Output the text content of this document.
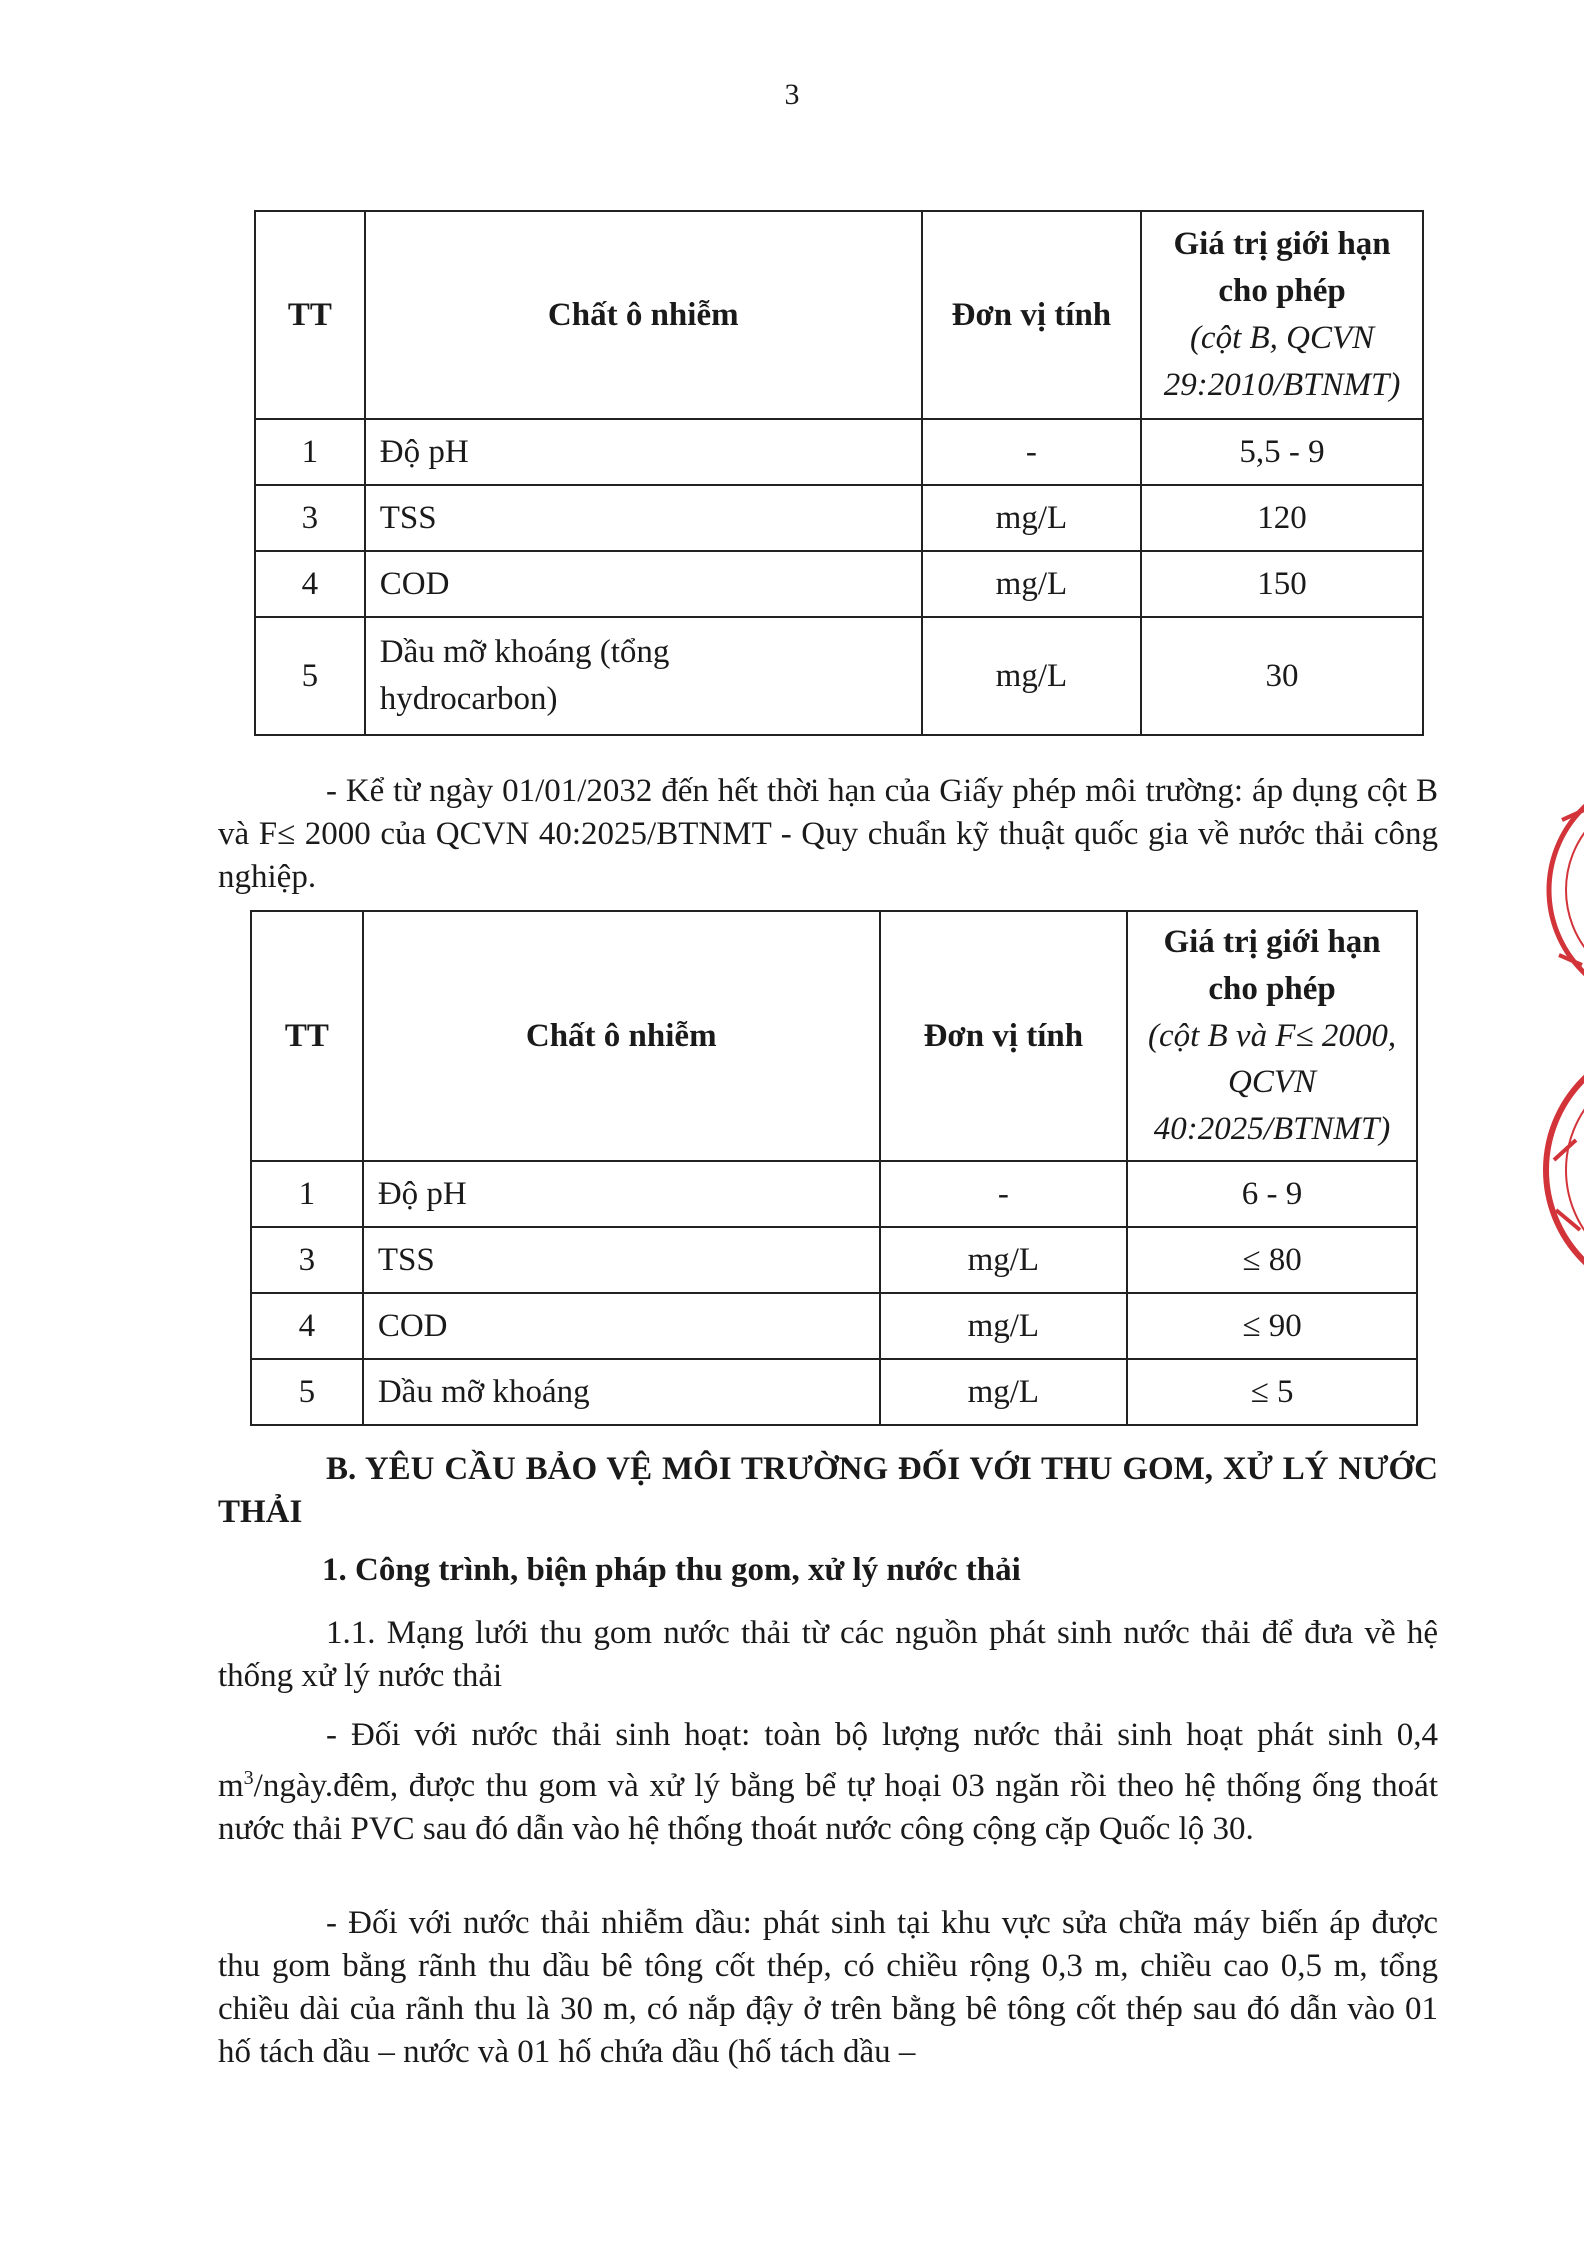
3
TT	Chất ô nhiễm	Đơn vị tính	Giá trị giới hạn cho phép
(cột B, QCVN 29:2010/BTNMT)

1	Độ pH	-	5,5 - 9
3	TSS	mg/L	120
4	COD	mg/L	150
5	Dầu mỡ khoáng (tổng hydrocarbon)	mg/L	30
- Kể từ ngày 01/01/2032 đến hết thời hạn của Giấy phép môi trường: áp dụng cột B và F≤ 2000 của QCVN 40:2025/BTNMT - Quy chuẩn kỹ thuật quốc gia về nước thải công nghiệp.
TT	Chất ô nhiễm	Đơn vị tính	Giá trị giới hạn cho phép
(cột B và F≤ 2000, QCVN 40:2025/BTNMT)

1	Độ pH	-	6 - 9
3	TSS	mg/L	≤ 80
4	COD	mg/L	≤ 90
5	Dầu mỡ khoáng	mg/L	≤ 5
B. YÊU CẦU BẢO VỆ MÔI TRƯỜNG ĐỐI VỚI THU GOM, XỬ LÝ NƯỚC THẢI
1. Công trình, biện pháp thu gom, xử lý nước thải
1.1. Mạng lưới thu gom nước thải từ các nguồn phát sinh nước thải để đưa về hệ thống xử lý nước thải
- Đối với nước thải sinh hoạt: toàn bộ lượng nước thải sinh hoạt phát sinh 0,4 $m^3/ngày.đêm$, được thu gom và xử lý bằng bể tự hoại 03 ngăn rồi theo hệ thống ống thoát nước thải PVC sau đó dẫn vào hệ thống thoát nước công cộng cặp Quốc lộ 30.
- Đối với nước thải nhiễm dầu: phát sinh tại khu vực sửa chữa máy biến áp được thu gom bằng rãnh thu dầu bê tông cốt thép, có chiều rộng 0,3 m, chiều cao 0,5 m, tổng chiều dài của rãnh thu là 30 m, có nắp đậy ở trên bằng bê tông cốt thép sau đó dẫn vào 01 hố tách dầu – nước và 01 hố chứa dầu (hố tách dầu –
